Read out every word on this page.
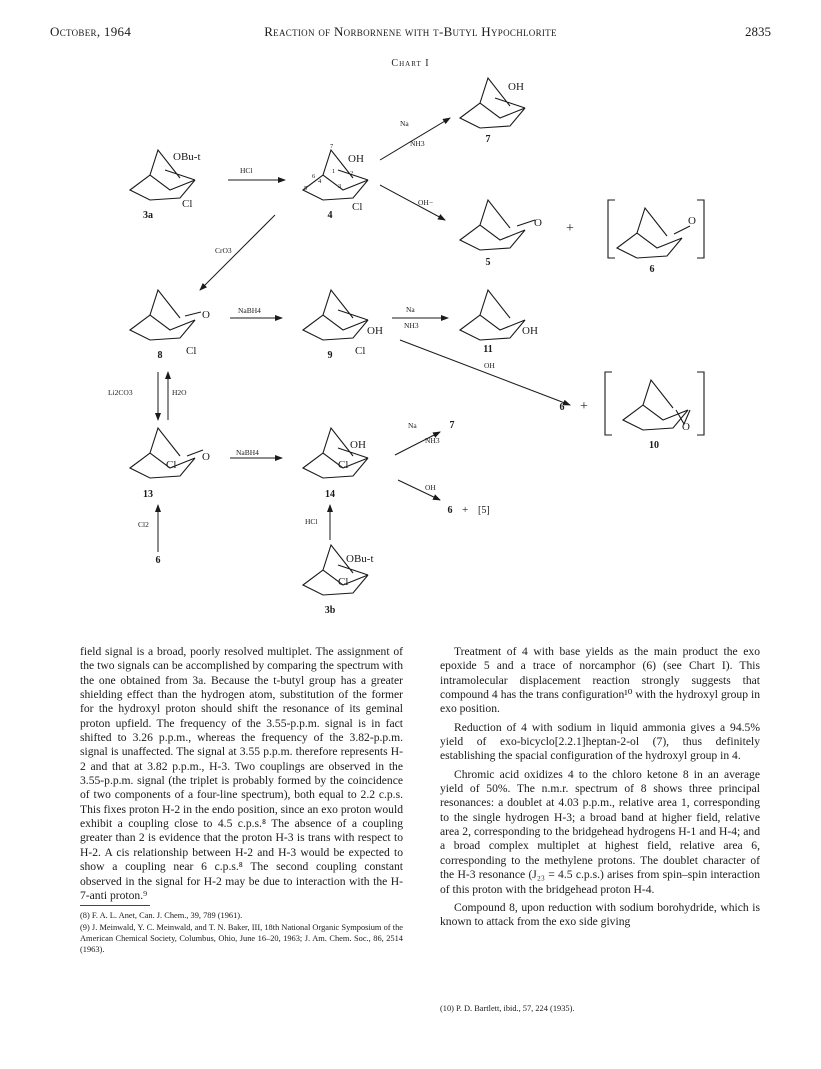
October, 1964	Reaction of Norbornene with t-Butyl Hypochlorite	2835
Chart I
3a	4
7
5
6
8	9
11
6
10
13	14
6
3b
6
7
OBu-t
Cl
OH
Cl
OH
O	O
O
Cl
OH
Cl
OH
O
O
Cl
OH
Cl
OBu-t
Cl
7
1 2
3
4
5
6
+
+
+ [5]
HCl
Na
NH3
OH−
CrO3
NaBH4	Na
NH3
OH
Li2CO3	H2O
NaBH4
Na
NH3
OH
Cl2	HCl

field signal is a broad, poorly resolved multiplet. The assignment of the two signals can be accomplished by comparing the spectrum with the one obtained from 3a. Because the t-butyl group has a greater shielding effect than the hydrogen atom, substitution of the former for the hydroxyl proton should shift the resonance of its geminal proton upfield. The frequency of the 3.55-p.p.m. signal is in fact shifted to 3.26 p.p.m., whereas the frequency of the 3.82-p.p.m. signal is unaffected. The signal at 3.55 p.p.m. therefore represents H-2 and that at 3.82 p.p.m., H-3. Two couplings are observed in the 3.55-p.p.m. signal (the triplet is probably formed by the coincidence of two components of a four-line spectrum), both equal to 2.2 c.p.s. This fixes proton H-2 in the endo position, since an exo proton would exhibit a coupling close to 4.5 c.p.s.⁸ The absence of a coupling greater than 2 is evidence that the proton H-3 is trans with respect to H-2. A cis relationship between H-2 and H-3 would be expected to show a coupling near 6 c.p.s.⁸ The second coupling constant observed in the signal for H-2 may be due to interaction with the H-7-anti proton.⁹

(8) F. A. L. Anet, Can. J. Chem., 39, 789 (1961).
(9) J. Meinwald, Y. C. Meinwald, and T. N. Baker, III, 18th National Organic Symposium of the American Chemical Society, Columbus, Ohio, June 16–20, 1963; J. Am. Chem. Soc., 86, 2514 (1963).

Treatment of 4 with base yields as the main product the exo epoxide 5 and a trace of norcamphor (6) (see Chart I). This intramolecular displacement reaction strongly suggests that compound 4 has the trans configuration¹⁰ with the hydroxyl group in exo position.

Reduction of 4 with sodium in liquid ammonia gives a 94.5% yield of exo-bicyclo[2.2.1]heptan-2-ol (7), thus definitely establishing the spacial configuration of the hydroxyl group in 4.

Chromic acid oxidizes 4 to the chloro ketone 8 in an average yield of 50%. The n.m.r. spectrum of 8 shows three principal resonances: a doublet at 4.03 p.p.m., relative area 1, corresponding to the single hydrogen H-3; a broad band at higher field, relative area 2, corresponding to the bridgehead hydrogens H-1 and H-4; and a broad complex multiplet at highest field, relative area 6, corresponding to the methylene protons. The doublet character of the H-3 resonance (J₂₃ = 4.5 c.p.s.) arises from spin–spin interaction of this proton with the bridgehead proton H-4.

Compound 8, upon reduction with sodium borohydride, which is known to attack from the exo side giving

(10) P. D. Bartlett, ibid., 57, 224 (1935).
